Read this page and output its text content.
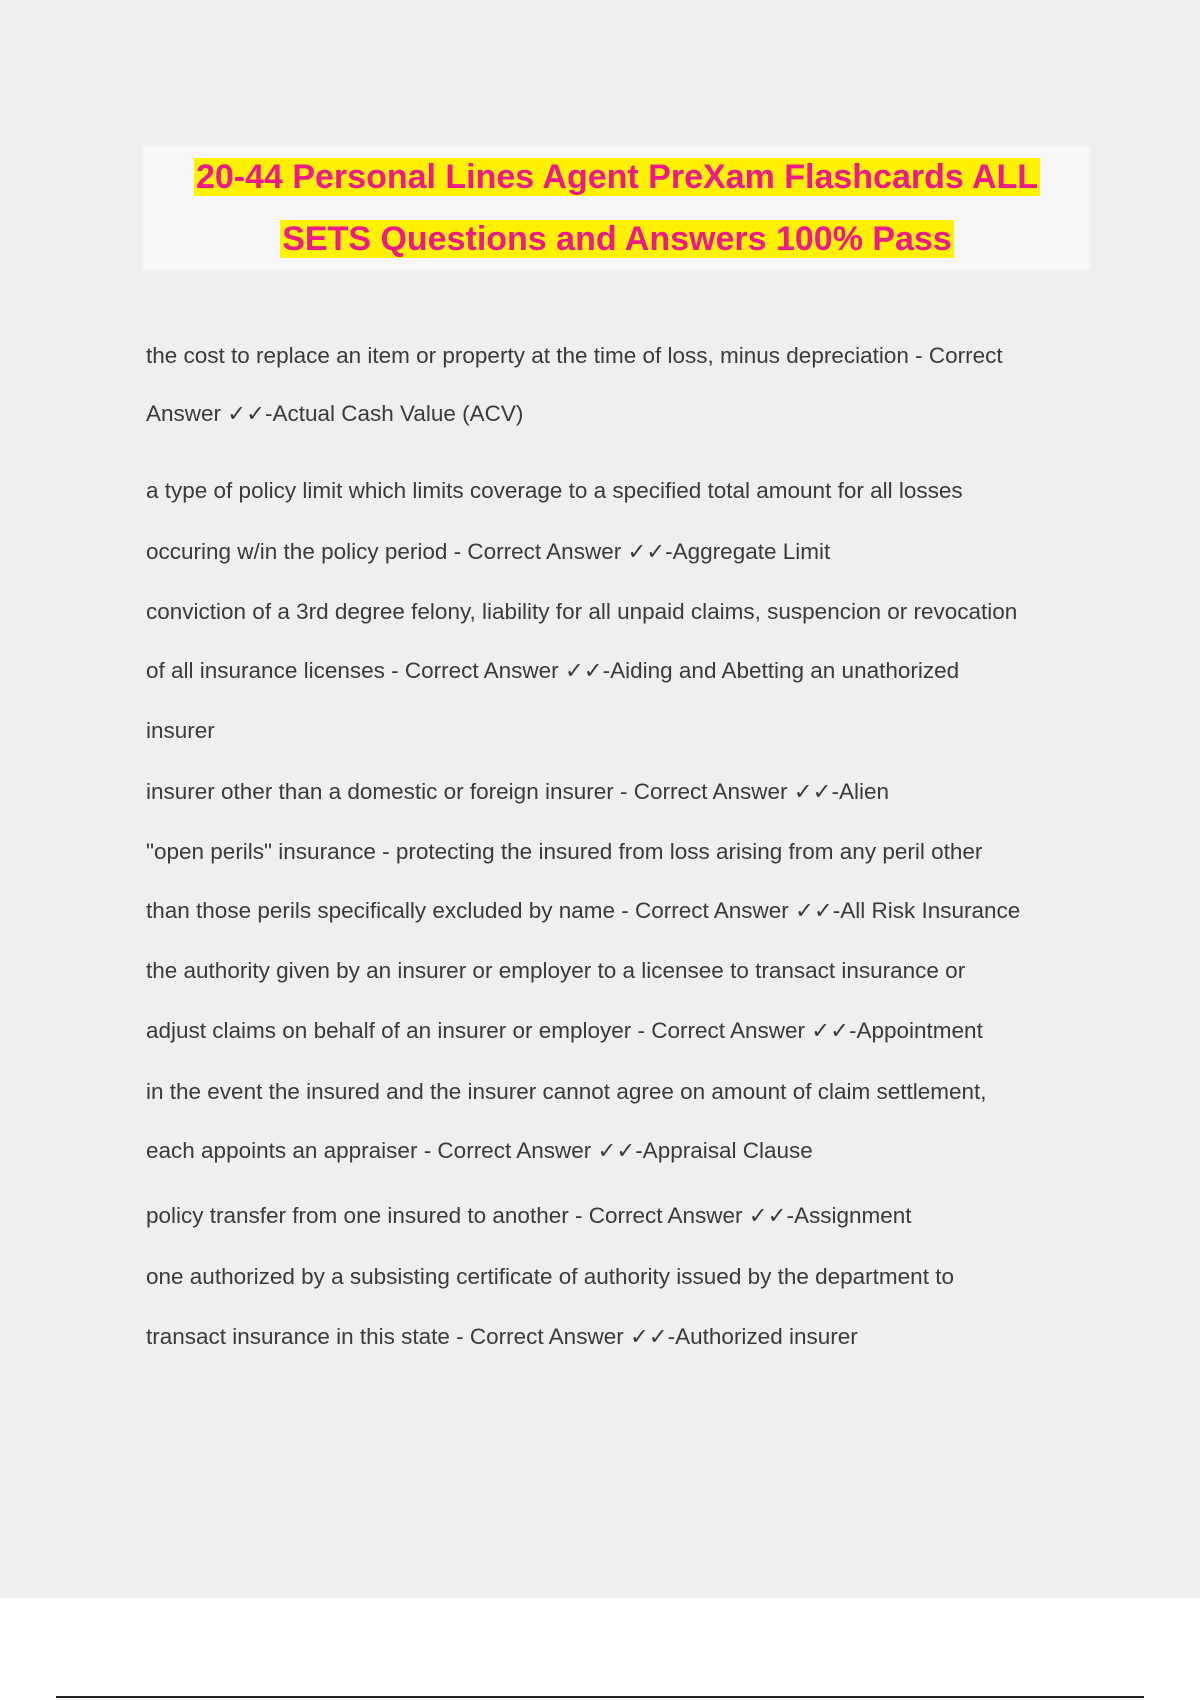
20-44 Personal Lines Agent PreXam Flashcards ALL
SETS Questions and Answers 100% Pass

the cost to replace an item or property at the time of loss, minus depreciation - Correct
Answer ✓✓-Actual Cash Value (ACV)
a type of policy limit which limits coverage to a specified total amount for all losses
occuring w/in the policy period - Correct Answer ✓✓-Aggregate Limit
conviction of a 3rd degree felony, liability for all unpaid claims, suspencion or revocation
of all insurance licenses - Correct Answer ✓✓-Aiding and Abetting an unathorized
insurer
insurer other than a domestic or foreign insurer - Correct Answer ✓✓-Alien
"open perils" insurance - protecting the insured from loss arising from any peril other
than those perils specifically excluded by name - Correct Answer ✓✓-All Risk Insurance
the authority given by an insurer or employer to a licensee to transact insurance or
adjust claims on behalf of an insurer or employer - Correct Answer ✓✓-Appointment
in the event the insured and the insurer cannot agree on amount of claim settlement,
each appoints an appraiser - Correct Answer ✓✓-Appraisal Clause
policy transfer from one insured to another - Correct Answer ✓✓-Assignment
one authorized by a subsisting certificate of authority issued by the department to
transact insurance in this state - Correct Answer ✓✓-Authorized insurer
